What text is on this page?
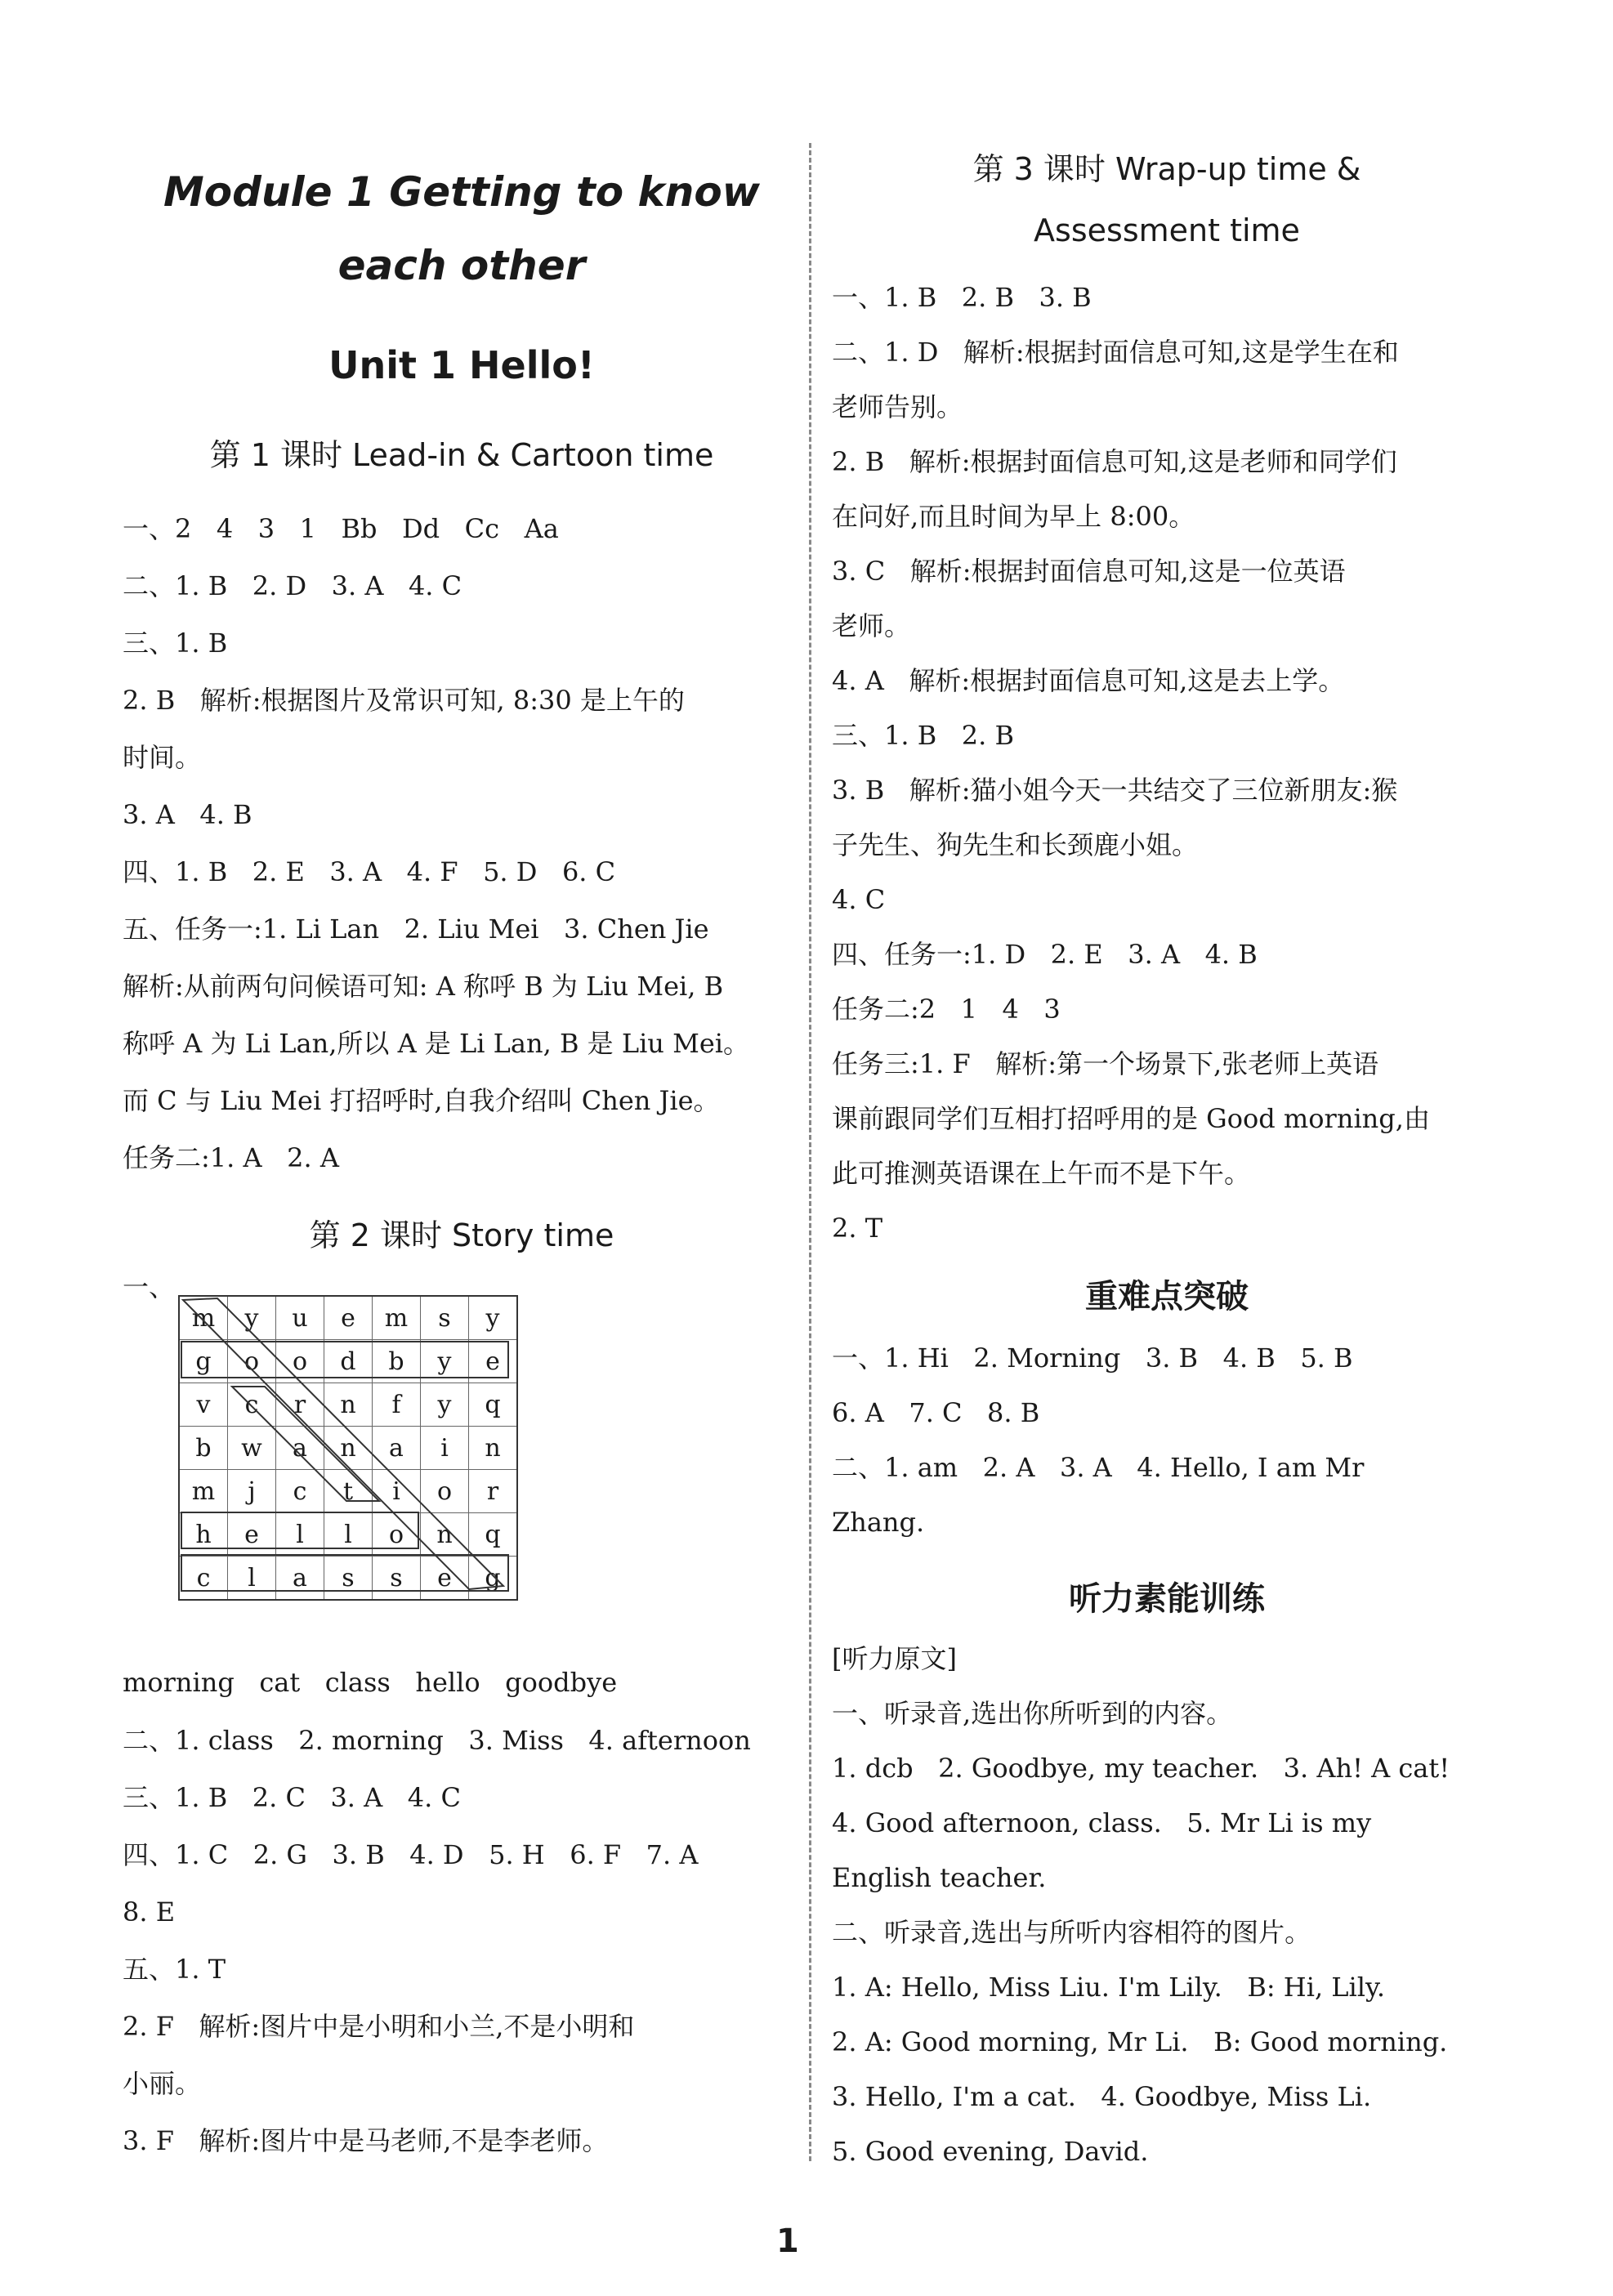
Module 1 Getting to know
each other
Unit 1 Hello!
第 1 课时 Lead-in & Cartoon time
一、2   4   3   1   Bb   Dd   Cc   Aa
二、1. B   2. D   3. A   4. C
三、1. B
2. B   解析:根据图片及常识可知, 8:30 是上午的
时间。
3. A   4. B
四、1. B   2. E   3. A   4. F   5. D   6. C
五、任务一:1. Li Lan   2. Liu Mei   3. Chen Jie
解析:从前两句问候语可知: A 称呼 B 为 Liu Mei, B
称呼 A 为 Li Lan,所以 A 是 Li Lan, B 是 Liu Mei。
而 C 与 Liu Mei 打招呼时,自我介绍叫 Chen Jie。
任务二:1. A   2. A
第 2 课时 Story time
一、
m	y	u	e	m	s	y
g	o	o	d	b	y	e
v	c	r	n	f	y	q
b	w	a	n	a	i	n
m	j	c	t	i	o	r
h	e	l	l	o	n	q
c	l	a	s	s	e	g
morning   cat   class   hello   goodbye
二、1. class   2. morning   3. Miss   4. afternoon
三、1. B   2. C   3. A   4. C
四、1. C   2. G   3. B   4. D   5. H   6. F   7. A
8. E
五、1. T
2. F   解析:图片中是小明和小兰,不是小明和
小丽。
3. F   解析:图片中是马老师,不是李老师。
第 3 课时 Wrap-up time &
Assessment time
一、1. B   2. B   3. B
二、1. D   解析:根据封面信息可知,这是学生在和
老师告别。
2. B   解析:根据封面信息可知,这是老师和同学们
在问好,而且时间为早上 8:00。
3. C   解析:根据封面信息可知,这是一位英语
老师。
4. A   解析:根据封面信息可知,这是去上学。
三、1. B   2. B
3. B   解析:猫小姐今天一共结交了三位新朋友:猴
子先生、狗先生和长颈鹿小姐。
4. C
四、任务一:1. D   2. E   3. A   4. B
任务二:2   1   4   3
任务三:1. F   解析:第一个场景下,张老师上英语
课前跟同学们互相打招呼用的是 Good morning,由
此可推测英语课在上午而不是下午。
2. T
重难点突破
一、1. Hi   2. Morning   3. B   4. B   5. B
6. A   7. C   8. B
二、1. am   2. A   3. A   4. Hello, I am Mr
Zhang.
听力素能训练
[听力原文]
一、听录音,选出你所听到的内容。
1. dcb   2. Goodbye, my teacher.   3. Ah! A cat!
4. Good afternoon, class.   5. Mr Li is my
English teacher.
二、听录音,选出与所听内容相符的图片。
1. A: Hello, Miss Liu. I'm Lily.   B: Hi, Lily.
2. A: Good morning, Mr Li.   B: Good morning.
3. Hello, I'm a cat.   4. Goodbye, Miss Li.
5. Good evening, David.
1
